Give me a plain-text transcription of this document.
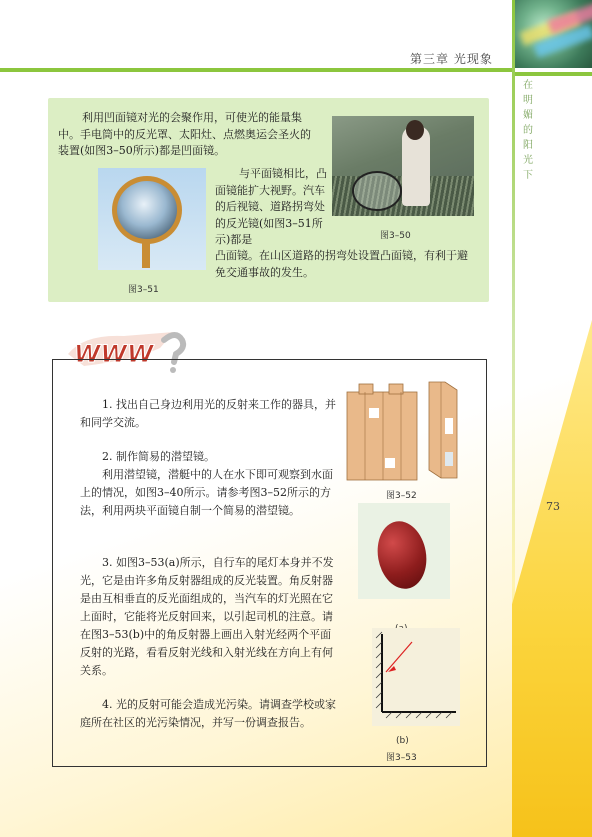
第三章 光现象
在明媚的阳光下
73

利用凹面镜对光的会聚作用，可使光的能量集中。手电筒中的反光罩、太阳灶、点燃奥运会圣火的装置(如图3–50所示)都是凹面镜。

与平面镜相比，凸面镜能扩大视野。汽车的后视镜、道路拐弯处的反光镜(如图3–51所示)都是

凸面镜。在山区道路的拐弯处设置凸面镜，有利于避免交通事故的发生。

图3–50
图3–51
WWW
1. 找出自己身边利用光的反射来工作的器具，并和同学交流。
2. 制作简易的潜望镜。
利用潜望镜，潜艇中的人在水下即可观察到水面上的情况，如图3–40所示。请参考图3–52所示的方法，利用两块平面镜自制一个简易的潜望镜。
3. 如图3–53(a)所示，自行车的尾灯本身并不发光，它是由许多角反射器组成的反光装置。角反射器是由互相垂直的反光面组成的，当汽车的灯光照在它上面时，它能将光反射回来，以引起司机的注意。请在图3–53(b)中的角反射器上画出入射光经两个平面反射的光路，看看反射光线和入射光线在方向上有何关系。
4. 光的反射可能会造成光污染。请调查学校或家庭所在社区的光污染情况，并写一份调查报告。
图3–52
(b)
图3–53
